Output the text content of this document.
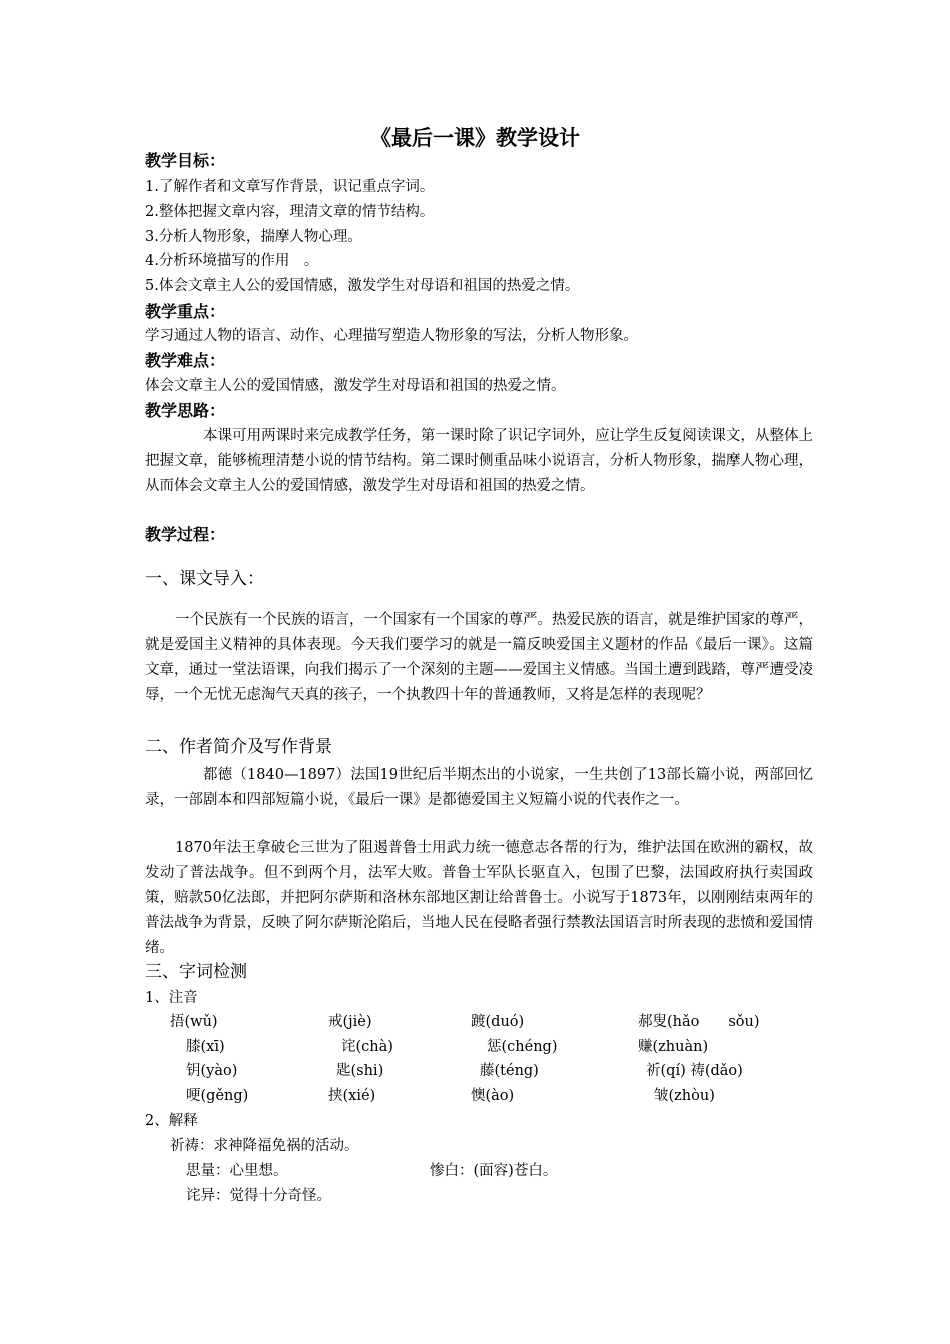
《最后一课》教学设计
教学目标：
1.了解作者和文章写作背景，识记重点字词。
2.整体把握文章内容，理清文章的情节结构。
3.分析人物形象，揣摩人物心理。
4.分析环境描写的作用　。
5.体会文章主人公的爱国情感，激发学生对母语和祖国的热爱之情。
教学重点：
学习通过人物的语言、动作、心理描写塑造人物形象的写法，分析人物形象。
教学难点：
体会文章主人公的爱国情感，激发学生对母语和祖国的热爱之情。
教学思路：
本课可用两课时来完成教学任务，第一课时除了识记字词外，应让学生反复阅读课文，从整体上把握文章，能够梳理清楚小说的情节结构。第二课时侧重品味小说语言，分析人物形象，揣摩人物心理，从而体会文章主人公的爱国情感，激发学生对母语和祖国的热爱之情。
教学过程：
一、课文导入：
一个民族有一个民族的语言，一个国家有一个国家的尊严。热爱民族的语言，就是维护国家的尊严，就是爱国主义精神的具体表现。今天我们要学习的就是一篇反映爱国主义题材的作品《最后一课》。这篇文章，通过一堂法语课，向我们揭示了一个深刻的主题——爱国主义情感。当国土遭到践踏，尊严遭受凌辱，一个无忧无虑淘气天真的孩子，一个执教四十年的普通教师，又将是怎样的表现呢？
二、作者简介及写作背景
都德（1840—1897）法国19世纪后半期杰出的小说家，一生共创了13部长篇小说，两部回忆录，一部剧本和四部短篇小说，《最后一课》是都德爱国主义短篇小说的代表作之一。
1870年法王拿破仑三世为了阻遏普鲁士用武力统一德意志各帮的行为，维护法国在欧洲的霸权，故发动了普法战争。但不到两个月，法军大败。普鲁士军队长驱直入，包围了巴黎，法国政府执行卖国政策，赔款50亿法郎，并把阿尔萨斯和洛林东部地区割让给普鲁士。小说写于1873年，以刚刚结束两年的普法战争为背景，反映了阿尔萨斯沦陷后，当地人民在侵略者强行禁教法国语言时所表现的悲愤和爱国情绪。
三、字词检测
1、注音
捂(wǔ)	戒(jiè)	踱(duó)	郝叟(hǎo　　sǒu)
膝(xī)	诧(chà)	惩(chéng)	赚(zhuàn)
钥(yào)	匙(shi)	藤(téng)	祈(qí) 祷(dǎo)
哽(gěng)	挟(xié)	懊(ào)	皱(zhòu)
2、解释
祈祷：求神降福免祸的活动。
思量：心里想。	惨白：(面容)苍白。
诧异：觉得十分奇怪。
